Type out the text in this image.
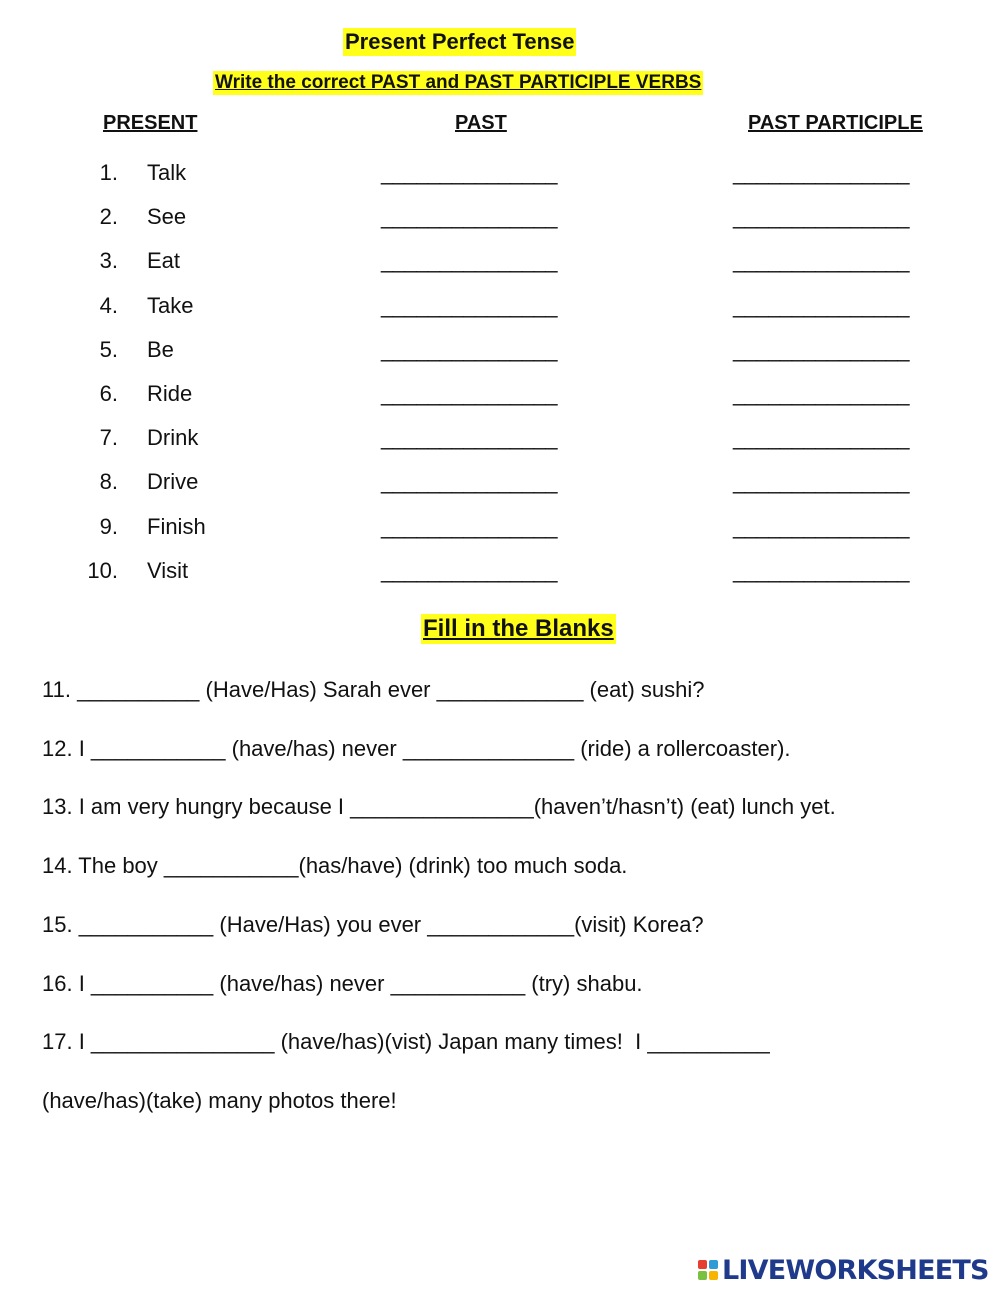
Present Perfect Tense
Write the correct PAST and PAST PARTICIPLE VERBS
PRESENT	PAST	PAST PARTICIPLE
1. Talk	_______________	_______________
2. See	_______________	_______________
3. Eat	_______________	_______________
4. Take	_______________	_______________
5. Be	_______________	_______________
6. Ride	_______________	_______________
7. Drink	_______________	_______________
8. Drive	_______________	_______________
9. Finish	_______________	_______________
10. Visit	_______________	_______________
Fill in the Blanks
11. __________ (Have/Has) Sarah ever ____________ (eat) sushi?
12. I ___________ (have/has) never ______________ (ride) a rollercoaster).
13. I am very hungry because I _______________(haven’t/hasn’t) (eat) lunch yet.
14. The boy ___________(has/have) (drink) too much soda.
15. ___________ (Have/Has) you ever ____________(visit) Korea?
16. I __________ (have/has) never ___________ (try) shabu.
17. I _______________ (have/has)(vist) Japan many times!  I __________
(have/has)(take) many photos there!
LIVEWORKSHEETS
